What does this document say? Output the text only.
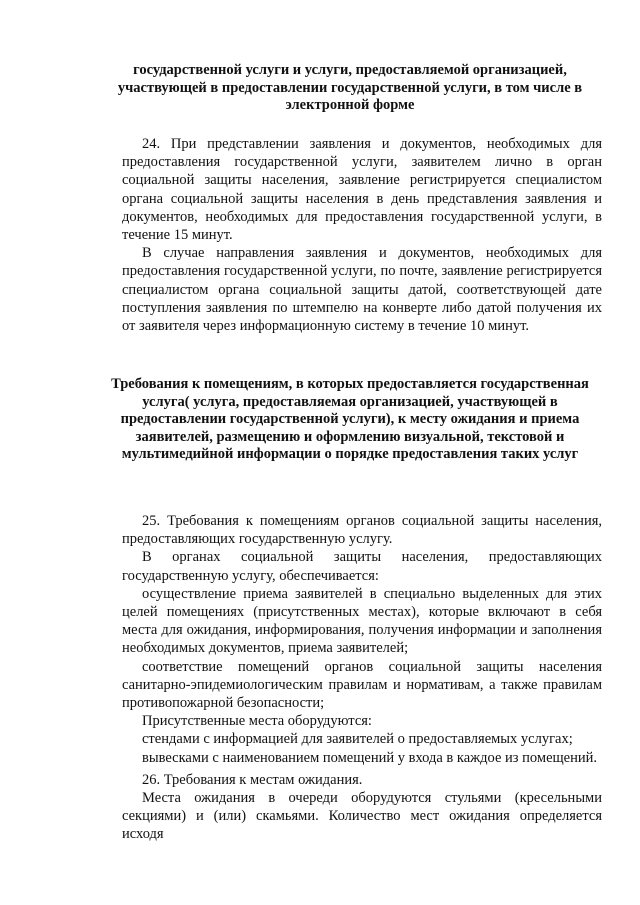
государственной услуги и услуги, предоставляемой организацией, участвующей в предоставлении государственной услуги, в том числе в электронной форме

24. При представлении заявления и документов, необходимых для предоставления государственной услуги, заявителем лично в орган социальной защиты населения, заявление регистрируется специалистом органа социальной защиты населения в день представления заявления и документов, необходимых для предоставления государственной услуги, в течение 15 минут.

В случае направления заявления и документов, необходимых для предоставления государственной услуги, по почте, заявление регистрируется специалистом органа социальной защиты датой, соответствующей дате поступления заявления по штемпелю на конверте либо датой получения их от заявителя через информационную систему в течение 10 минут.

Требования к помещениям, в которых предоставляется государственная услуга( услуга, предоставляемая организацией, участвующей в предоставлении государственной услуги), к месту ожидания и приема заявителей, размещению и оформлению визуальной, текстовой и мультимедийной информации о порядке предоставления таких услуг

25. Требования к помещениям органов социальной защиты населения, предоставляющих государственную услугу.

В органах социальной защиты населения, предоставляющих государственную услугу, обеспечивается:

осуществление приема заявителей в специально выделенных для этих целей помещениях (присутственных местах), которые включают в себя места для ожидания, информирования, получения информации и заполнения необходимых документов, приема заявителей;

соответствие помещений органов социальной защиты населения санитарно-эпидемиологическим правилам и нормативам, а также правилам противопожарной безопасности;

Присутственные места оборудуются:

стендами с информацией для заявителей о предоставляемых услугах;

вывесками с наименованием помещений у входа в каждое из помещений.

26. Требования к местам ожидания.

Места ожидания в очереди оборудуются стульями (кресельными секциями) и (или) скамьями. Количество мест ожидания определяется исходя
